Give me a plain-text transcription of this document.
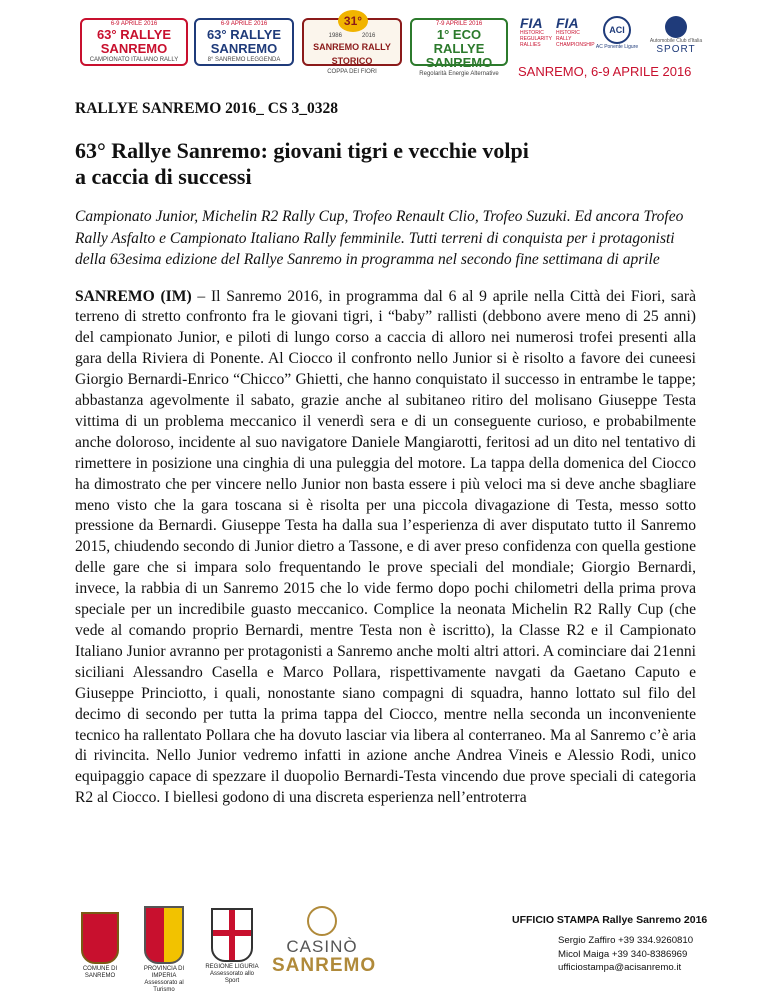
6-9 APRILE 2016
63° RALLYE SANREMO
CAMPIONATO ITALIANO RALLY
6-9 APRILE 2016
63° RALLYE SANREMO
8° SANREMO LEGGENDA
31°
1986	2016
SANREMO RALLY STORICO
COPPA DEI FIORI
7-9 APRILE 2016
1° ECO RALLYE SANREMO
Regolarità Energie Alternative
FIA
HISTORIC REGULARITY RALLIES
FIA
HISTORIC RALLY CHAMPIONSHIP
ACI
AC Ponente Ligure
Automobile Club d'Italia
SPORT
SANREMO, 6-9 APRILE 2016
RALLYE SANREMO 2016_ CS 3_0328
63° Rallye Sanremo: giovani tigri e vecchie volpi
a caccia di successi
Campionato Junior, Michelin R2 Rally Cup, Trofeo Renault Clio, Trofeo Suzuki. Ed ancora Trofeo Rally Asfalto e Campionato Italiano Rally femminile. Tutti terreni di conquista per i protagonisti della 63esima edizione del Rallye Sanremo in programma nel secondo fine settimana di aprile
SANREMO (IM) – Il Sanremo 2016, in programma dal 6 al 9 aprile nella Città dei Fiori, sarà terreno di stretto confronto fra le giovani tigri, i “baby” rallisti (debbono avere meno di 25 anni) del campionato Junior, e piloti di lungo corso a caccia di alloro nei numerosi trofei presenti alla gara della Riviera di Ponente. Al Ciocco il confronto nello Junior si è risolto a favore dei cuneesi Giorgio Bernardi-Enrico “Chicco” Ghietti, che hanno conquistato il successo in entrambe le tappe; abbastanza agevolmente il sabato, grazie anche al subitaneo ritiro del molisano Giuseppe Testa vittima di un problema meccanico il venerdì sera e di un conseguente curioso, e probabilmente anche doloroso, incidente al suo navigatore Daniele Mangiarotti, feritosi ad un dito nel tentativo di rimettere in posizione una cinghia di una puleggia del motore. La tappa della domenica del Ciocco ha dimostrato che per vincere nello Junior non basta essere i più veloci ma si deve anche sbagliare meno visto che la gara toscana si è risolta per una piccola divagazione di Testa, messo sotto pressione da Bernardi. Giuseppe Testa ha dalla sua l’esperienza di aver disputato tutto il Sanremo 2015, chiudendo secondo di Junior dietro a Tassone, e di aver preso confidenza con quella gestione delle gare che si impara solo frequentando le prove speciali del mondiale; Giorgio Bernardi, invece, la rabbia di un Sanremo 2015 che lo vide fermo dopo pochi chilometri della prima prova speciale per un incredibile guasto meccanico. Complice la neonata Michelin R2 Rally Cup (che vede al comando proprio Bernardi, mentre Testa non è iscritto), la Classe R2 e il Campionato Italiano Junior avranno per protagonisti a Sanremo anche molti altri attori. A cominciare dai 21enni siciliani Alessandro Casella e Marco Pollara, rispettivamente navgati da Gaetano Caputo e Giuseppe Princiotto, i quali, nonostante siano compagni di squadra, hanno lottato sul filo del decimo di secondo per tutta la prima tappa del Ciocco, mentre nella seconda un inconveniente tecnico ha rallentato Pollara che ha dovuto lasciar via libera al conterraneo. Ma al Sanremo c’è aria di rivincita. Nello Junior vedremo infatti in azione anche Andrea Vineis e Alessio Rodi, unico equipaggio capace di spezzare il duopolio Bernardi-Testa vincendo due prove speciali di categoria R2 al Ciocco. I biellesi godono di una discreta esperienza nell’entroterra
COMUNE DI SANREMO
PROVINCIA DI IMPERIA
Assessorato al Turismo
REGIONE LIGURIA
Assessorato allo Sport
CASINÒ
SANREMO
UFFICIO STAMPA Rallye Sanremo 2016
Sergio Zaffiro +39 334.9260810
Micol Maiga +39 340-8386969
ufficiostampa@acisanremo.it
